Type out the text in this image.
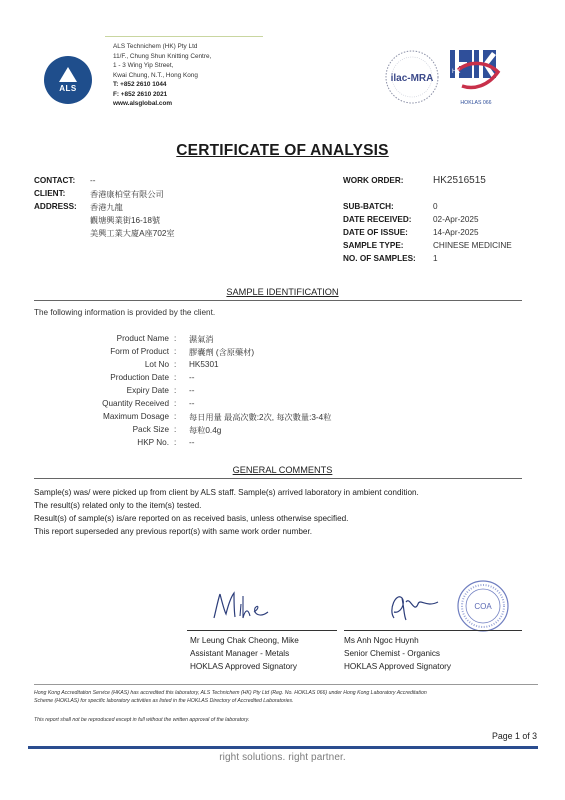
ALS
ALS Technichem (HK) Pty Ltd
11/F., Chung Shun Knitting Centre,
1 - 3 Wing Yip Street,
Kwai Chung, N.T., Hong Kong
T: +852 2610 1044
F: +852 2610 2021
www.alsglobal.com
ilac-MRA
HK
HOKLAS 066
CERTIFICATE OF ANALYSIS
CONTACT: --
CLIENT:	香港康柏堂有限公司
ADDRESS: 香港九龍
觀塘興業街16-18號
美興工業大廈A座702室
WORK ORDER:	HK2516515
SUB-BATCH:	0
DATE RECEIVED:	02-Apr-2025
DATE OF ISSUE:	14-Apr-2025
SAMPLE TYPE:	CHINESE MEDICINE
NO. OF SAMPLES: 1
SAMPLE IDENTIFICATION
The following information is provided by the client.
Product Name : 濕氣消
Form of Product : 膠囊劑 (含原藥材)
Lot No : HK5301
Production Date : --
Expiry Date : --
Quantity Received : --
Maximum Dosage : 每日用量 最高次數:2次, 每次數量:3-4粒
Pack Size : 每粒0.4g
HKP No. : --
GENERAL COMMENTS
Sample(s) was/ were picked up from client by ALS staff. Sample(s) arrived laboratory in ambient condition.
The result(s) related only to the item(s) tested.
Result(s) of sample(s) is/are reported on as received basis, unless otherwise specified.
This report superseded any previous report(s) with same work order number.
COA
Mr Leung Chak Cheong, Mike
Assistant Manager - Metals
HOKLAS Approved Signatory
Ms Anh Ngoc Huynh
Senior Chemist - Organics
HOKLAS Approved Signatory
Hong Kong Accreditation Service (HKAS) has accredited this laboratory, ALS Technichem (HK) Pty Ltd (Reg. No. HOKLAS 066) under Hong Kong Laboratory Accreditation
Scheme (HOKLAS) for specific laboratory activities as listed in the HOKLAS Directory of Accredited Laboratories.
This report shall not be reproduced except in full without the written approval of the laboratory.
Page 1 of 3
right solutions. right partner.
